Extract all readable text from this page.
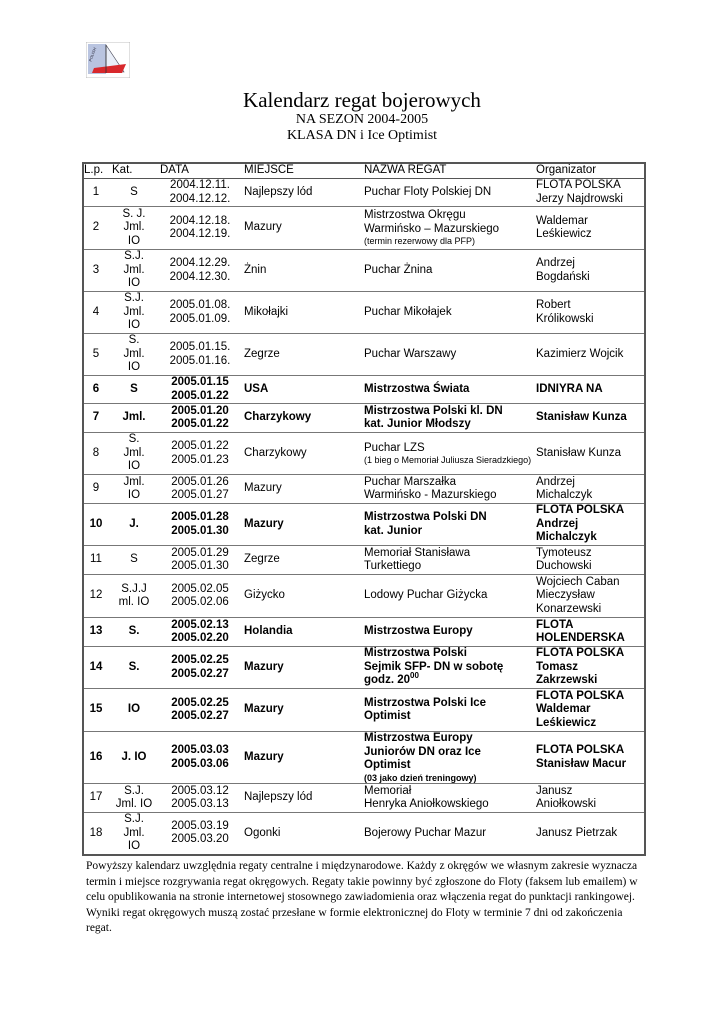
POLISH
Kalendarz regat bojerowych
NA SEZON 2004-2005
KLASA DN i Ice Optimist
L.p.	Kat.	DATA	MIEJSCE	NAZWA REGAT	Organizator
1	S	2004.12.11.
2004.12.12.	Najlepszy lód	Puchar Floty Polskiej DN	FLOTA POLSKA
Jerzy Najdrowski
2	S. J.
Jml.
IO	2004.12.18.
2004.12.19.	Mazury	Mistrzostwa Okręgu
Warmińsko – Mazurskiego
(termin rezerwowy dla PFP)	Waldemar
Leśkiewicz
3	S.J.
Jml.
IO	2004.12.29.
2004.12.30.	Żnin	Puchar Żnina	Andrzej
Bogdański
4	S.J.
Jml.
IO	2005.01.08.
2005.01.09.	Mikołajki	Puchar Mikołajek	Robert
Królikowski
5	S.
Jml.
IO	2005.01.15.
2005.01.16.	Zegrze	Puchar Warszawy	Kazimierz Wojcik
6	S	2005.01.15
2005.01.22	USA	Mistrzostwa Świata	IDNIYRA NA
7	Jml.	2005.01.20
2005.01.22	Charzykowy	Mistrzostwa Polski kl. DN
kat. Junior Młodszy	Stanisław Kunza
8	S.
Jml.
IO	2005.01.22
2005.01.23	Charzykowy	Puchar LZS
(1 bieg o Memoriał Juliusza Sieradzkiego)	Stanisław Kunza
9	Jml.
IO	2005.01.26
2005.01.27	Mazury	Puchar Marszałka
Warmińsko - Mazurskiego	Andrzej
Michalczyk
10	J.	2005.01.28
2005.01.30	Mazury	Mistrzostwa Polski DN
kat. Junior	FLOTA POLSKA
Andrzej
Michalczyk
11	S	2005.01.29
2005.01.30	Zegrze	Memoriał Stanisława
Turkettiego	Tymoteusz
Duchowski
12	S.J.J
ml. IO	2005.02.05
2005.02.06	Giżycko	Lodowy Puchar Giżycka	Wojciech Caban
Mieczysław
Konarzewski
13	S.	2005.02.13
2005.02.20	Holandia	Mistrzostwa Europy	FLOTA
HOLENDERSKA
14	S.	2005.02.25
2005.02.27	Mazury	Mistrzostwa Polski
Sejmik SFP- DN w sobotę
godz. $20^{00}$	FLOTA POLSKA
Tomasz
Zakrzewski
15	IO	2005.02.25
2005.02.27	Mazury	Mistrzostwa Polski Ice
Optimist	FLOTA POLSKA
Waldemar
Leśkiewicz
16	J. IO	2005.03.03
2005.03.06	Mazury	Mistrzostwa Europy
Juniorów DN oraz Ice
Optimist
(03 jako dzień treningowy)	FLOTA POLSKA
Stanisław Macur
17	S.J.
Jml. IO	2005.03.12
2005.03.13	Najlepszy lód	Memoriał
Henryka Aniołkowskiego	Janusz
Aniołkowski
18	S.J.
Jml.
IO	2005.03.19
2005.03.20	Ogonki	Bojerowy Puchar Mazur	Janusz Pietrzak
Powyższy kalendarz uwzględnia regaty centralne i międzynarodowe. Każdy z okręgów we własnym zakresie wyznacza termin i miejsce rozgrywania regat okręgowych. Regaty takie powinny być zgłoszone do Floty (faksem lub emailem) w celu opublikowania na stronie internetowej stosownego zawiadomienia oraz włączenia regat do punktacji rankingowej. Wyniki regat okręgowych muszą zostać przesłane w formie elektronicznej do Floty w terminie 7 dni od zakończenia regat.
